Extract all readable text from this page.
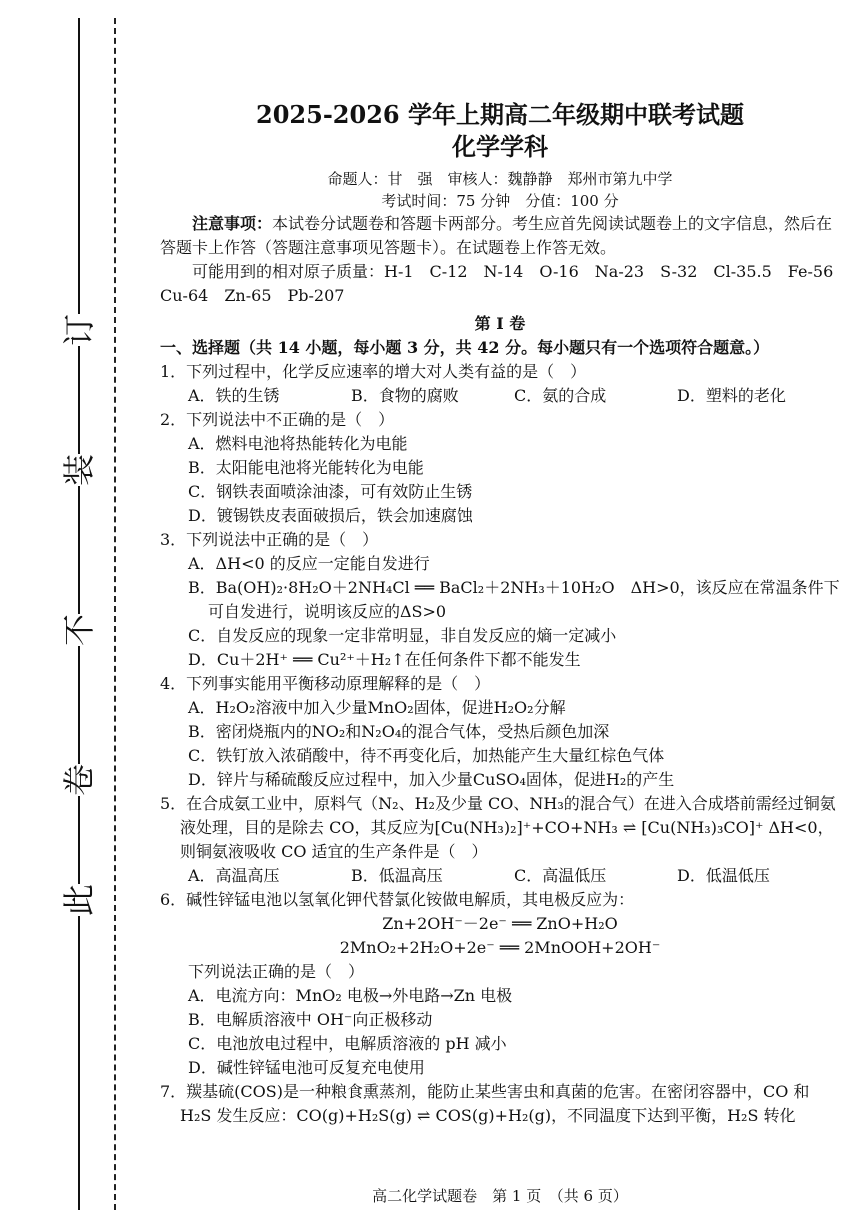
订
装
不
卷
此

2025-2026 学年上期高二年级期中联考试题

化学学科

命题人：甘　强　审核人：魏静静　郑州市第九中学

考试时间：75 分钟　分值：100 分

注意事项：本试卷分试题卷和答题卡两部分。考生应首先阅读试题卷上的文字信息，然后在答题卡上作答（答题注意事项见答题卡）。在试题卷上作答无效。

可能用到的相对原子质量：H-1　C-12　N-14　O-16　Na-23　S-32　Cl-35.5　Fe-56　Cu-64　Zn-65　Pb-207

第 I 卷

一、选择题（共 14 小题，每小题 3 分，共 42 分。每小题只有一个选项符合题意。）

1．下列过程中，化学反应速率的增大对人类有益的是（　）

A．铁的生锈	B．食物的腐败	C．氨的合成	D．塑料的老化

2．下列说法中不正确的是（　）

A．燃料电池将热能转化为电能

B．太阳能电池将光能转化为电能

C．钢铁表面喷涂油漆，可有效防止生锈

D．镀锡铁皮表面破损后，铁会加速腐蚀

3．下列说法中正确的是（　）

A．ΔH<0 的反应一定能自发进行

B．Ba(OH)₂·8H₂O＋2NH₄Cl ══ BaCl₂＋2NH₃＋10H₂O　ΔH>0，该反应在常温条件下可自发进行，说明该反应的ΔS>0

C．自发反应的现象一定非常明显，非自发反应的熵一定减小

D．Cu＋2H⁺ ══ Cu²⁺＋H₂↑在任何条件下都不能发生

4．下列事实能用平衡移动原理解释的是（　）

A．H₂O₂溶液中加入少量MnO₂固体，促进H₂O₂分解

B．密闭烧瓶内的NO₂和N₂O₄的混合气体，受热后颜色加深

C．铁钉放入浓硝酸中，待不再变化后，加热能产生大量红棕色气体

D．锌片与稀硫酸反应过程中，加入少量CuSO₄固体，促进H₂的产生

5．在合成氨工业中，原料气（N₂、H₂及少量 CO、NH₃的混合气）在进入合成塔前需经过铜氨液处理，目的是除去 CO，其反应为[Cu(NH₃)₂]⁺+CO+NH₃ ⇌ [Cu(NH₃)₃CO]⁺ ΔH<0，则铜氨液吸收 CO 适宜的生产条件是（　）

A．高温高压	B．低温高压	C．高温低压	D．低温低压

6．碱性锌锰电池以氢氧化钾代替氯化铵做电解质，其电极反应为：

Zn+2OH⁻－2e⁻ ══ ZnO+H₂O

2MnO₂+2H₂O+2e⁻ ══ 2MnOOH+2OH⁻

下列说法正确的是（　）

A．电流方向：MnO₂ 电极→外电路→Zn 电极

B．电解质溶液中 OH⁻向正极移动

C．电池放电过程中，电解质溶液的 pH 减小

D．碱性锌锰电池可反复充电使用

7．羰基硫(COS)是一种粮食熏蒸剂，能防止某些害虫和真菌的危害。在密闭容器中，CO 和 H₂S 发生反应：CO(g)+H₂S(g) ⇌ COS(g)+H₂(g)，不同温度下达到平衡，H₂S 转化

高二化学试题卷　第 1 页　（共 6 页）
